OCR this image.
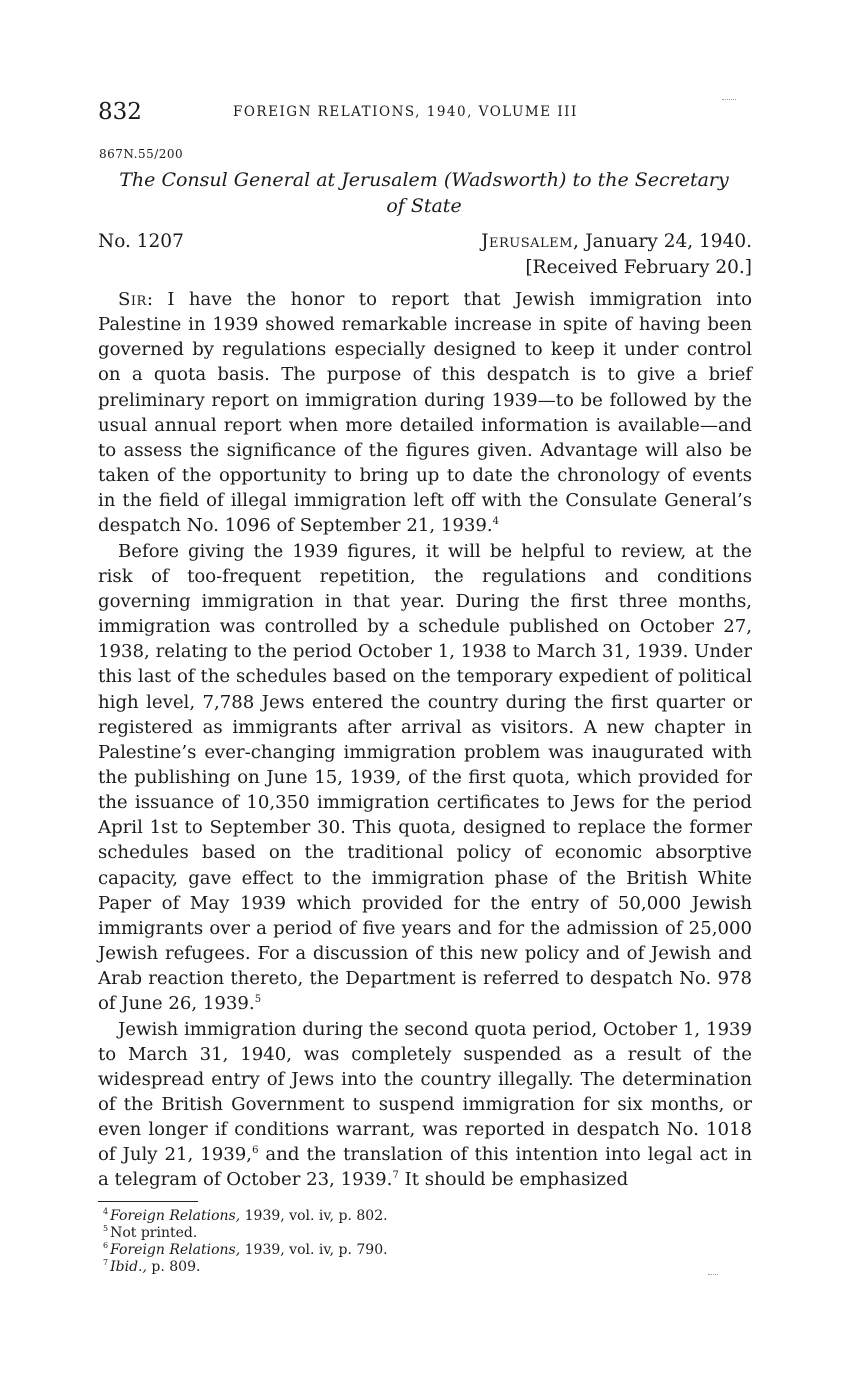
832	FOREIGN RELATIONS, 1940, VOLUME III
867N.55/200
The Consul General at Jerusalem (Wadsworth) to the Secretary
of State
No. 1207	Jerusalem, January 24, 1940.
[Received February 20.]

Sir: I have the honor to report that Jewish immigration into Palestine in 1939 showed remarkable increase in spite of having been governed by regulations especially designed to keep it under control on a quota basis. The purpose of this despatch is to give a brief preliminary report on immigration during 1939—to be followed by the usual annual report when more detailed information is available—and to assess the significance of the figures given. Advantage will also be taken of the opportunity to bring up to date the chronology of events in the field of illegal immigration left off with the Consulate General’s despatch No. 1096 of September 21, 1939.$^4$

Before giving the 1939 figures, it will be helpful to review, at the risk of too-frequent repetition, the regulations and conditions governing immigration in that year. During the first three months, immigration was controlled by a schedule published on October 27, 1938, relating to the period October 1, 1938 to March 31, 1939. Under this last of the schedules based on the temporary expedient of political high level, 7,788 Jews entered the country during the first quarter or registered as immigrants after arrival as visitors. A new chapter in Palestine’s ever-changing immigration problem was inaugurated with the publishing on June 15, 1939, of the first quota, which provided for the issuance of 10,350 immigration certificates to Jews for the period April 1st to September 30. This quota, designed to replace the former schedules based on the traditional policy of economic absorptive capacity, gave effect to the immigration phase of the British White Paper of May 1939 which provided for the entry of 50,000 Jewish immigrants over a period of five years and for the admission of 25,000 Jewish refugees. For a discussion of this new policy and of Jewish and Arab reaction thereto, the Department is referred to despatch No. 978 of June 26, 1939.$^5$

Jewish immigration during the second quota period, October 1, 1939 to March 31, 1940, was completely suspended as a result of the widespread entry of Jews into the country illegally. The determination of the British Government to suspend immigration for six months, or even longer if conditions warrant, was reported in despatch No. 1018 of July 21, 1939,$^6$ and the translation of this intention into legal act in a telegram of October 23, 1939.$^7$ It should be emphasized

$^4$ Foreign Relations, 1939, vol. iv, p. 802.

$^5$ Not printed.

$^6$ Foreign Relations, 1939, vol. iv, p. 790.

$^7$ Ibid., p. 809.
